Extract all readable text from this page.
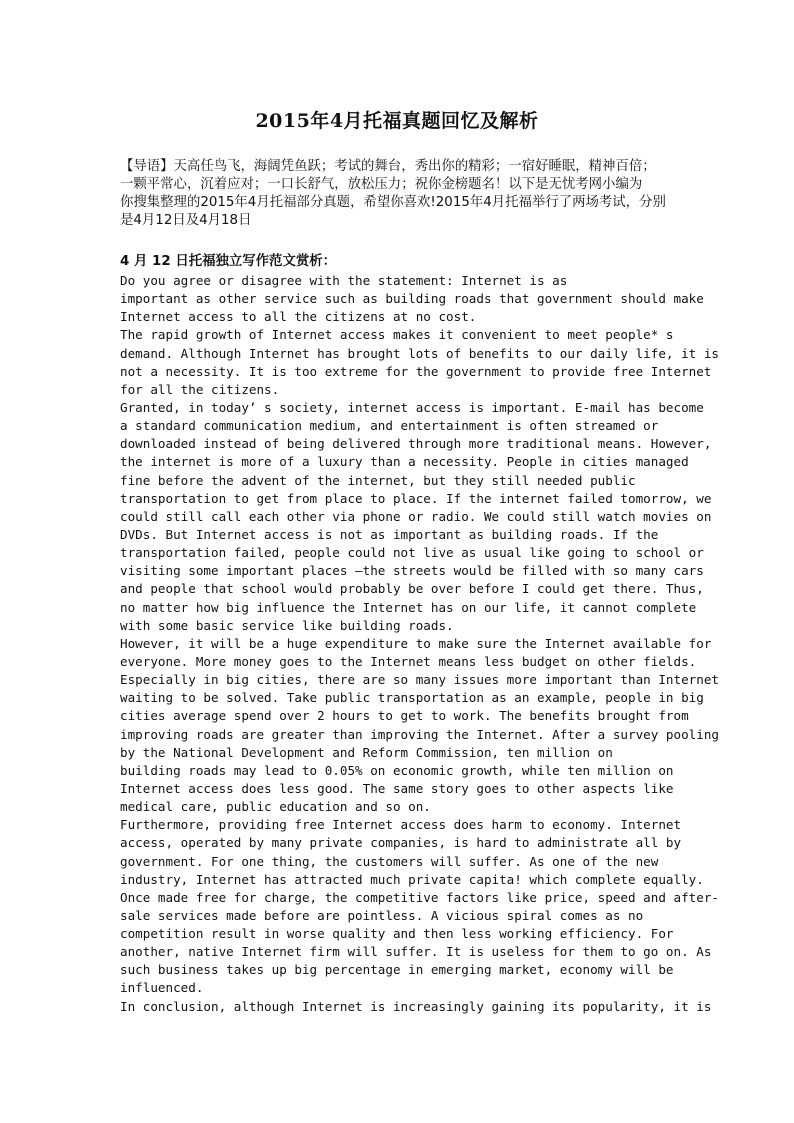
2015年4月托福真题回忆及解析
【导语】天高任鸟飞，海阔凭鱼跃；考试的舞台，秀出你的精彩；一宿好睡眠，精神百倍；
一颗平常心，沉着应对；一口长舒气，放松压力；祝你金榜题名！以下是无忧考网小编为
你搜集整理的2015年4月托福部分真题，希望你喜欢!2015年4月托福举行了两场考试，分别
是4月12日及4月18日
4 月 12 日托福独立写作范文赏析：
Do you agree or disagree with the statement: Internet is as
important as other service such as building roads that government should make
Internet access to all the citizens at no cost.
The rapid growth of Internet access makes it convenient to meet people* s
demand. Although Internet has brought lots of benefits to our daily life, it is
not a necessity. It is too extreme for the government to provide free Internet
for all the citizens.
Granted, in today’ s society, internet access is important. E-mail has become
a standard communication medium, and entertainment is often streamed or
downloaded instead of being delivered through more traditional means. However,
the internet is more of a luxury than a necessity. People in cities managed
fine before the advent of the internet, but they still needed public
transportation to get from place to place. If the internet failed tomorrow, we
could still call each other via phone or radio. We could still watch movies on
DVDs. But Internet access is not as important as building roads. If the
transportation failed, people could not live as usual like going to school or
visiting some important places —the streets would be filled with so many cars
and people that school would probably be over before I could get there. Thus,
no matter how big influence the Internet has on our life, it cannot complete
with some basic service like building roads.
However, it will be a huge expenditure to make sure the Internet available for
everyone. More money goes to the Internet means less budget on other fields.
Especially in big cities, there are so many issues more important than Internet
waiting to be solved. Take public transportation as an example, people in big
cities average spend over 2 hours to get to work. The benefits brought from
improving roads are greater than improving the Internet. After a survey pooling
by the National Development and Reform Commission, ten million on
building roads may lead to 0.05% on economic growth, while ten million on
Internet access does less good. The same story goes to other aspects like
medical care, public education and so on.
Furthermore, providing free Internet access does harm to economy. Internet
access, operated by many private companies, is hard to administrate all by
government. For one thing, the customers will suffer. As one of the new
industry, Internet has attracted much private capita! which complete equally.
Once made free for charge, the competitive factors like price, speed and after-
sale services made before are pointless. A vicious spiral comes as no
competition result in worse quality and then less working efficiency. For
another, native Internet firm will suffer. It is useless for them to go on. As
such business takes up big percentage in emerging market, economy will be
influenced.
In conclusion, although Internet is increasingly gaining its popularity, it is
